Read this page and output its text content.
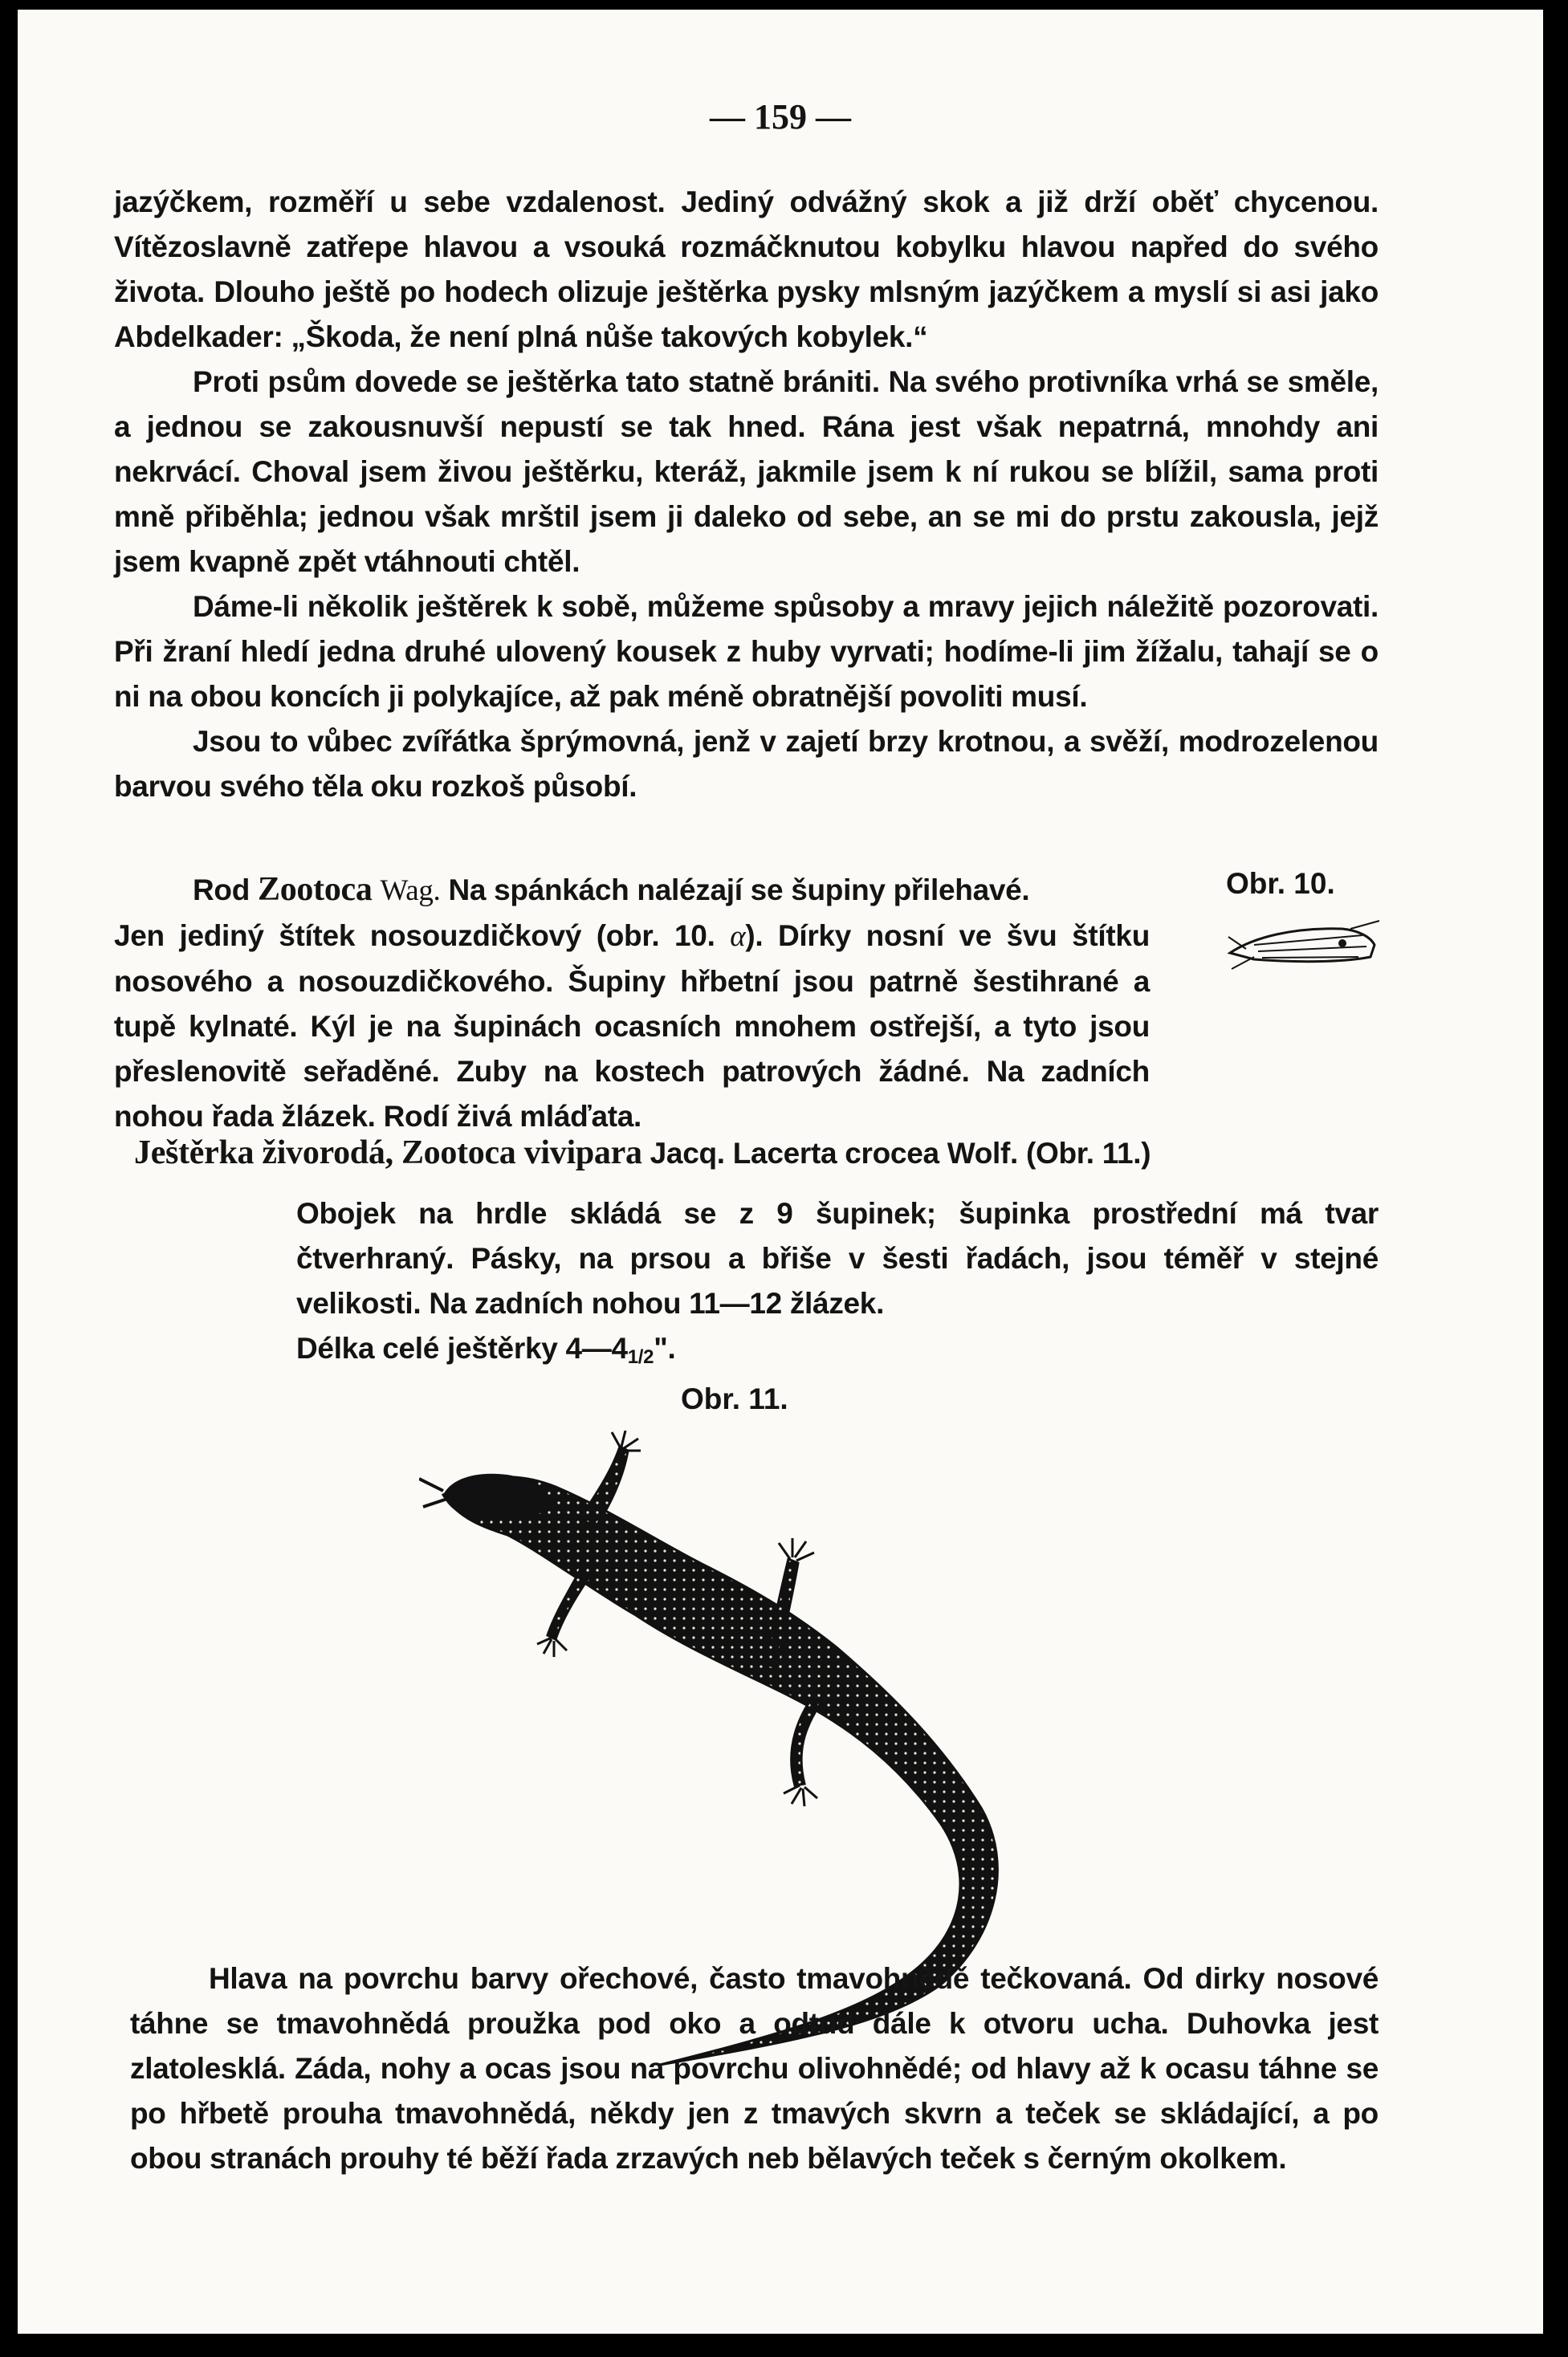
— 159 —

jazýčkem, rozměří u sebe vzdalenost. Jediný odvážný skok a již drží oběť chycenou. Vítězoslavně zatřepe hlavou a vsouká rozmáčknutou kobylku hlavou napřed do svého života. Dlouho ještě po hodech olizuje ještěrka pysky mlsným jazýčkem a myslí si asi jako Abdelkader: „Škoda, že není plná nůše takových kobylek.“

Proti psům dovede se ještěrka tato statně brániti. Na svého protivníka vrhá se směle, a jednou se zakousnuvší nepustí se tak hned. Rána jest však nepatrná, mnohdy ani nekrvácí. Choval jsem živou ještěrku, kteráž, jakmile jsem k ní rukou se blížil, sama proti mně přiběhla; jednou však mrštil jsem ji daleko od sebe, an se mi do prstu zakousla, jejž jsem kvapně zpět vtáhnouti chtěl.

Dáme-li několik ještěrek k sobě, můžeme spůsoby a mravy jejich náležitě pozorovati. Při žraní hledí jedna druhé ulovený kousek z huby vyrvati; hodíme-li jim žížalu, tahají se o ni na obou koncích ji polykajíce, až pak méně obratnější povoliti musí.

Jsou to vůbec zvířátka šprýmovná, jenž v zajetí brzy krotnou, a svěží, modrozelenou barvou svého těla oku rozkoš působí.

Rod Zootoca Wag. Na spánkách nalézají se šupiny přilehavé.

Jen jediný štítek nosouzdičkový (obr. 10. α). Dírky nosní ve švu štítku nosového a nosouzdičkového. Šupiny hřbetní jsou patrně šestihrané a tupě kylnaté. Kýl je na šupinách ocasních mnohem ostřejší, a tyto jsou přeslenovitě seřaděné. Zuby na kostech patrových žádné. Na zadních nohou řada žlázek. Rodí živá mláďata.

Obr. 10.

Ještěrka živorodá, Zootoca vivipara Jacq. Lacerta crocea Wolf. (Obr. 11.)

Obojek na hrdle skládá se z 9 šupinek; šupinka prostřední má tvar čtverhraný. Pásky, na prsou a břiše v šesti řadách, jsou téměř v stejné velikosti. Na zadních nohou 11—12 žlázek.

Délka celé ještěrky 4—41/2".

Obr. 11.

Hlava na povrchu barvy ořechové, často tmavohnědě tečkovaná. Od dirky nosové táhne se tmavohnědá proužka pod oko a odtud dále k otvoru ucha. Duhovka jest zlatolesklá. Záda, nohy a ocas jsou na povrchu olivohnědé; od hlavy až k ocasu táhne se po hřbetě prouha tmavohnědá, někdy jen z tmavých skvrn a teček se skládající, a po obou stranách prouhy té běží řada zrzavých neb bělavých teček s černým okolkem.
